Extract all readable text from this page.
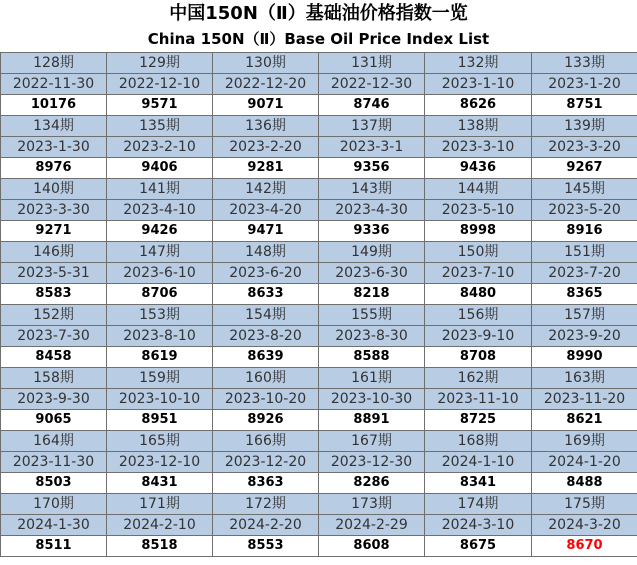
中国150N（Ⅱ）基础油价格指数一览
China 150N（Ⅱ）Base Oil Price Index List
128期	129期	130期	131期	132期	133期
2022-11-30	2022-12-10	2022-12-20	2022-12-30	2023-1-10	2023-1-20
10176	9571	9071	8746	8626	8751
134期	135期	136期	137期	138期	139期
2023-1-30	2023-2-10	2023-2-20	2023-3-1	2023-3-10	2023-3-20
8976	9406	9281	9356	9436	9267
140期	141期	142期	143期	144期	145期
2023-3-30	2023-4-10	2023-4-20	2023-4-30	2023-5-10	2023-5-20
9271	9426	9471	9336	8998	8916
146期	147期	148期	149期	150期	151期
2023-5-31	2023-6-10	2023-6-20	2023-6-30	2023-7-10	2023-7-20
8583	8706	8633	8218	8480	8365
152期	153期	154期	155期	156期	157期
2023-7-30	2023-8-10	2023-8-20	2023-8-30	2023-9-10	2023-9-20
8458	8619	8639	8588	8708	8990
158期	159期	160期	161期	162期	163期
2023-9-30	2023-10-10	2023-10-20	2023-10-30	2023-11-10	2023-11-20
9065	8951	8926	8891	8725	8621
164期	165期	166期	167期	168期	169期
2023-11-30	2023-12-10	2023-12-20	2023-12-30	2024-1-10	2024-1-20
8503	8431	8363	8286	8341	8488
170期	171期	172期	173期	174期	175期
2024-1-30	2024-2-10	2024-2-20	2024-2-29	2024-3-10	2024-3-20
8511	8518	8553	8608	8675	8670
